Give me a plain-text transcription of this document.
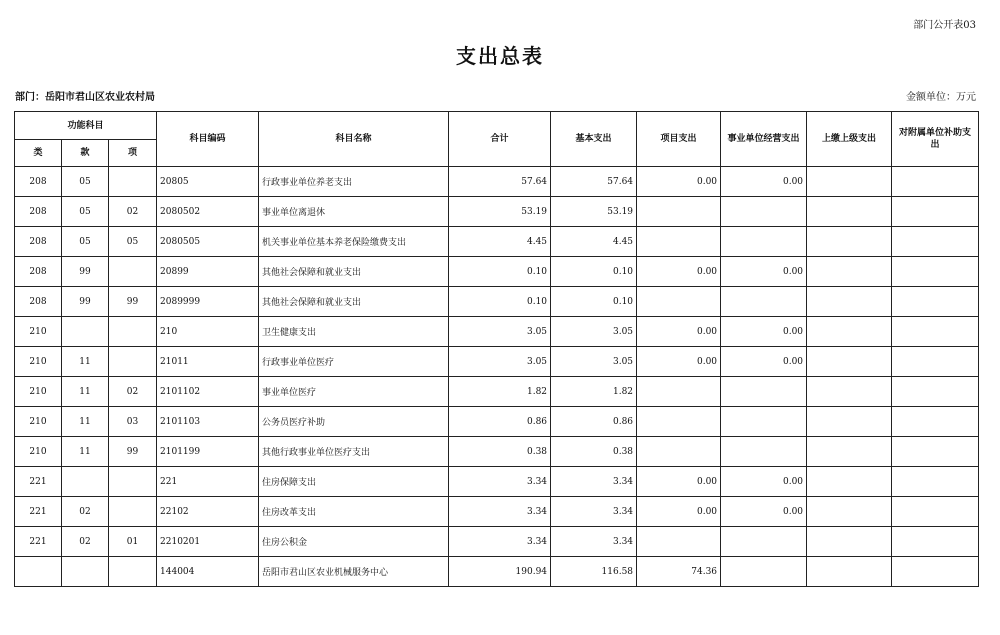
部门公开表03
支出总表
部门：岳阳市君山区农业农村局	金额单位：万元
功能科目			科目编码	科目名称	合计	基本支出	项目支出	事业单位经营支出	上缴上级支出	对附属单位补助支出
类	款	项								
208	05		20805	行政事业单位养老支出	57.64	57.64	0.00	0.00		
208	05	02	2080502	事业单位离退休	53.19	53.19				
208	05	05	2080505	机关事业单位基本养老保险缴费支出	4.45	4.45				
208	99		20899	其他社会保障和就业支出	0.10	0.10	0.00	0.00		
208	99	99	2089999	其他社会保障和就业支出	0.10	0.10				
210			210	卫生健康支出	3.05	3.05	0.00	0.00		
210	11		21011	行政事业单位医疗	3.05	3.05	0.00	0.00		
210	11	02	2101102	事业单位医疗	1.82	1.82				
210	11	03	2101103	公务员医疗补助	0.86	0.86				
210	11	99	2101199	其他行政事业单位医疗支出	0.38	0.38				
221			221	住房保障支出	3.34	3.34	0.00	0.00		
221	02		22102	住房改革支出	3.34	3.34	0.00	0.00		
221	02	01	2210201	住房公积金	3.34	3.34				
			144004	岳阳市君山区农业机械服务中心	190.94	116.58	74.36			
